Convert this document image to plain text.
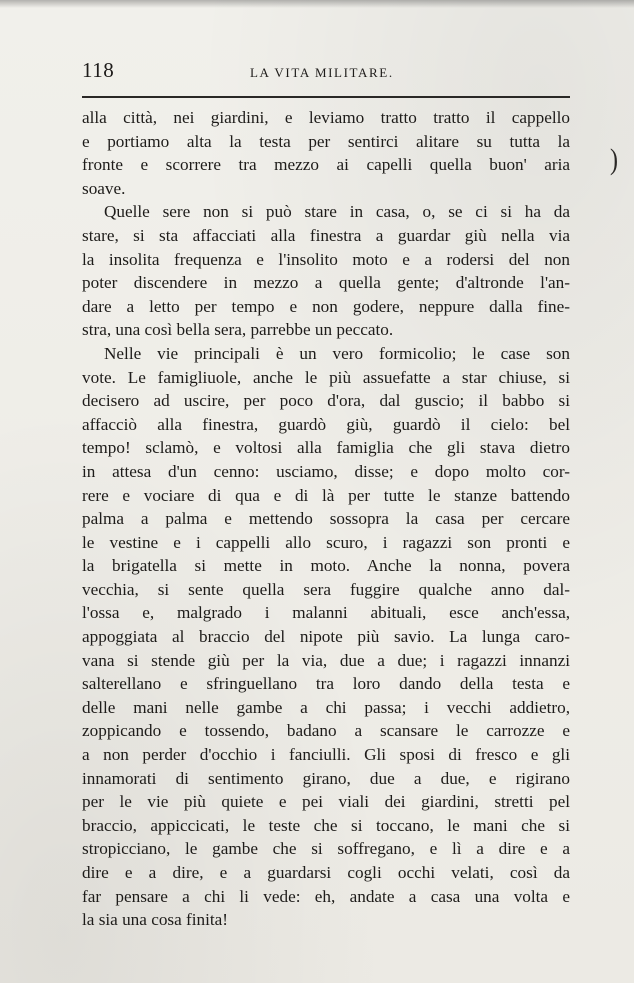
118	LA VITA MILITARE.
alla città, nei giardini, e leviamo tratto tratto il cappello
e portiamo alta la testa per sentirci alitare su tutta la
fronte e scorrere tra mezzo ai capelli quella buon' aria
soave.
Quelle sere non si può stare in casa, o, se ci si ha da
stare, si sta affacciati alla finestra a guardar giù nella via
la insolita frequenza e l'insolito moto e a rodersi del non
poter discendere in mezzo a quella gente; d'altronde l'an-
dare a letto per tempo e non godere, neppure dalla fine-
stra, una così bella sera, parrebbe un peccato.
Nelle vie principali è un vero formicolio; le case son
vote. Le famigliuole, anche le più assuefatte a star chiuse, si
decisero ad uscire, per poco d'ora, dal guscio; il babbo si
affacciò alla finestra, guardò giù, guardò il cielo: bel
tempo! sclamò, e voltosi alla famiglia che gli stava dietro
in attesa d'un cenno: usciamo, disse; e dopo molto cor-
rere e vociare di qua e di là per tutte le stanze battendo
palma a palma e mettendo sossopra la casa per cercare
le vestine e i cappelli allo scuro, i ragazzi son pronti e
la brigatella si mette in moto. Anche la nonna, povera
vecchia, si sente quella sera fuggire qualche anno dal-
l'ossa e, malgrado i malanni abituali, esce anch'essa,
appoggiata al braccio del nipote più savio. La lunga caro-
vana si stende giù per la via, due a due; i ragazzi innanzi
salterellano e sfringuellano tra loro dando della testa e
delle mani nelle gambe a chi passa; i vecchi addietro,
zoppicando e tossendo, badano a scansare le carrozze e
a non perder d'occhio i fanciulli. Gli sposi di fresco e gli
innamorati di sentimento girano, due a due, e rigirano
per le vie più quiete e pei viali dei giardini, stretti pel
braccio, appiccicati, le teste che si toccano, le mani che si
stropicciano, le gambe che si soffregano, e lì a dire e a
dire e a dire, e a guardarsi cogli occhi velati, così da
far pensare a chi li vede: eh, andate a casa una volta e
la sia una cosa finita!
)
